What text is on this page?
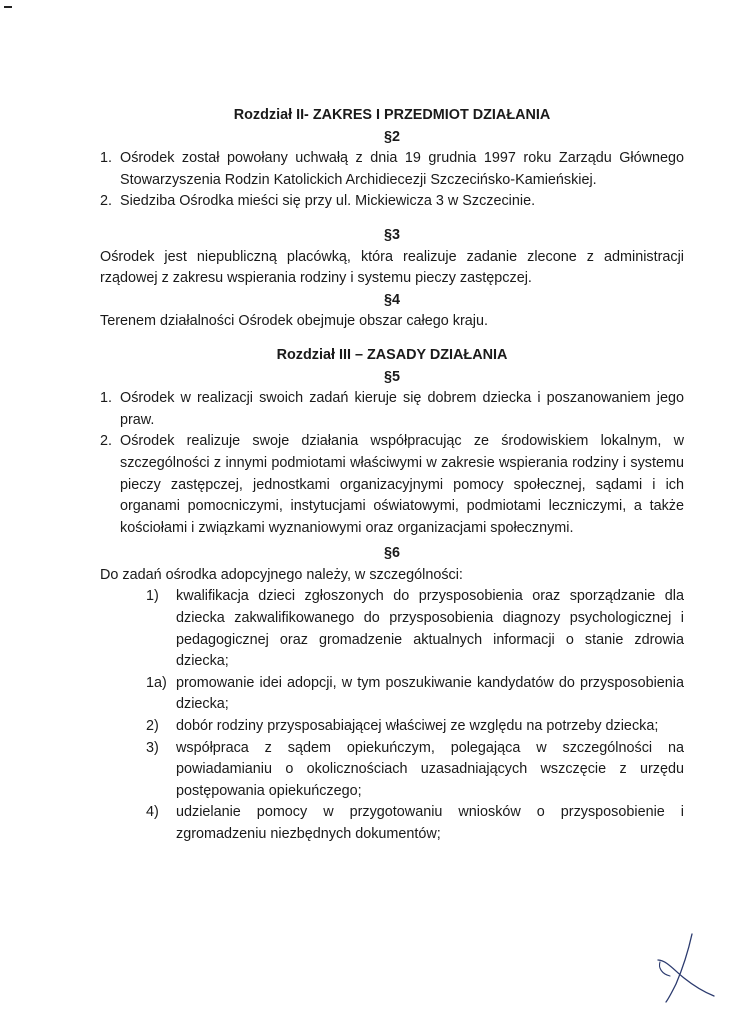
Rozdział II- ZAKRES I PRZEDMIOT DZIAŁANIA

§2

1. Ośrodek został powołany uchwałą z dnia 19 grudnia 1997 roku Zarządu Głównego Stowarzyszenia Rodzin Katolickich Archidiecezji Szczecińsko-Kamieńskiej.
2. Siedziba Ośrodka mieści się przy ul. Mickiewicza 3 w Szczecinie.

§3

Ośrodek jest niepubliczną placówką, która realizuje zadanie zlecone z administracji rządowej z zakresu wspierania rodziny i systemu pieczy zastępczej.

§4

Terenem działalności Ośrodek obejmuje obszar całego kraju.

Rozdział III – ZASADY DZIAŁANIA

§5

1. Ośrodek w realizacji swoich zadań kieruje się dobrem dziecka i poszanowaniem jego praw.
2. Ośrodek realizuje swoje działania współpracując ze środowiskiem lokalnym, w szczególności z innymi podmiotami właściwymi w zakresie wspierania rodziny i systemu pieczy zastępczej, jednostkami organizacyjnymi pomocy społecznej, sądami i ich organami pomocniczymi, instytucjami oświatowymi, podmiotami leczniczymi, a także kościołami i związkami wyznaniowymi oraz organizacjami społecznymi.

§6

Do zadań ośrodka adopcyjnego należy, w szczególności:

1) kwalifikacja dzieci zgłoszonych do przysposobienia oraz sporządzanie dla dziecka zakwalifikowanego do przysposobienia diagnozy psychologicznej i pedagogicznej oraz gromadzenie aktualnych informacji o stanie zdrowia dziecka;
1a) promowanie idei adopcji, w tym poszukiwanie kandydatów do przysposobienia dziecka;
2) dobór rodziny przysposabiającej właściwej ze względu na potrzeby dziecka;
3) współpraca z sądem opiekuńczym, polegająca w szczególności na powiadamianiu o okolicznościach uzasadniających wszczęcie z urzędu postępowania opiekuńczego;
4) udzielanie pomocy w przygotowaniu wniosków o przysposobienie i zgromadzeniu niezbędnych dokumentów;
